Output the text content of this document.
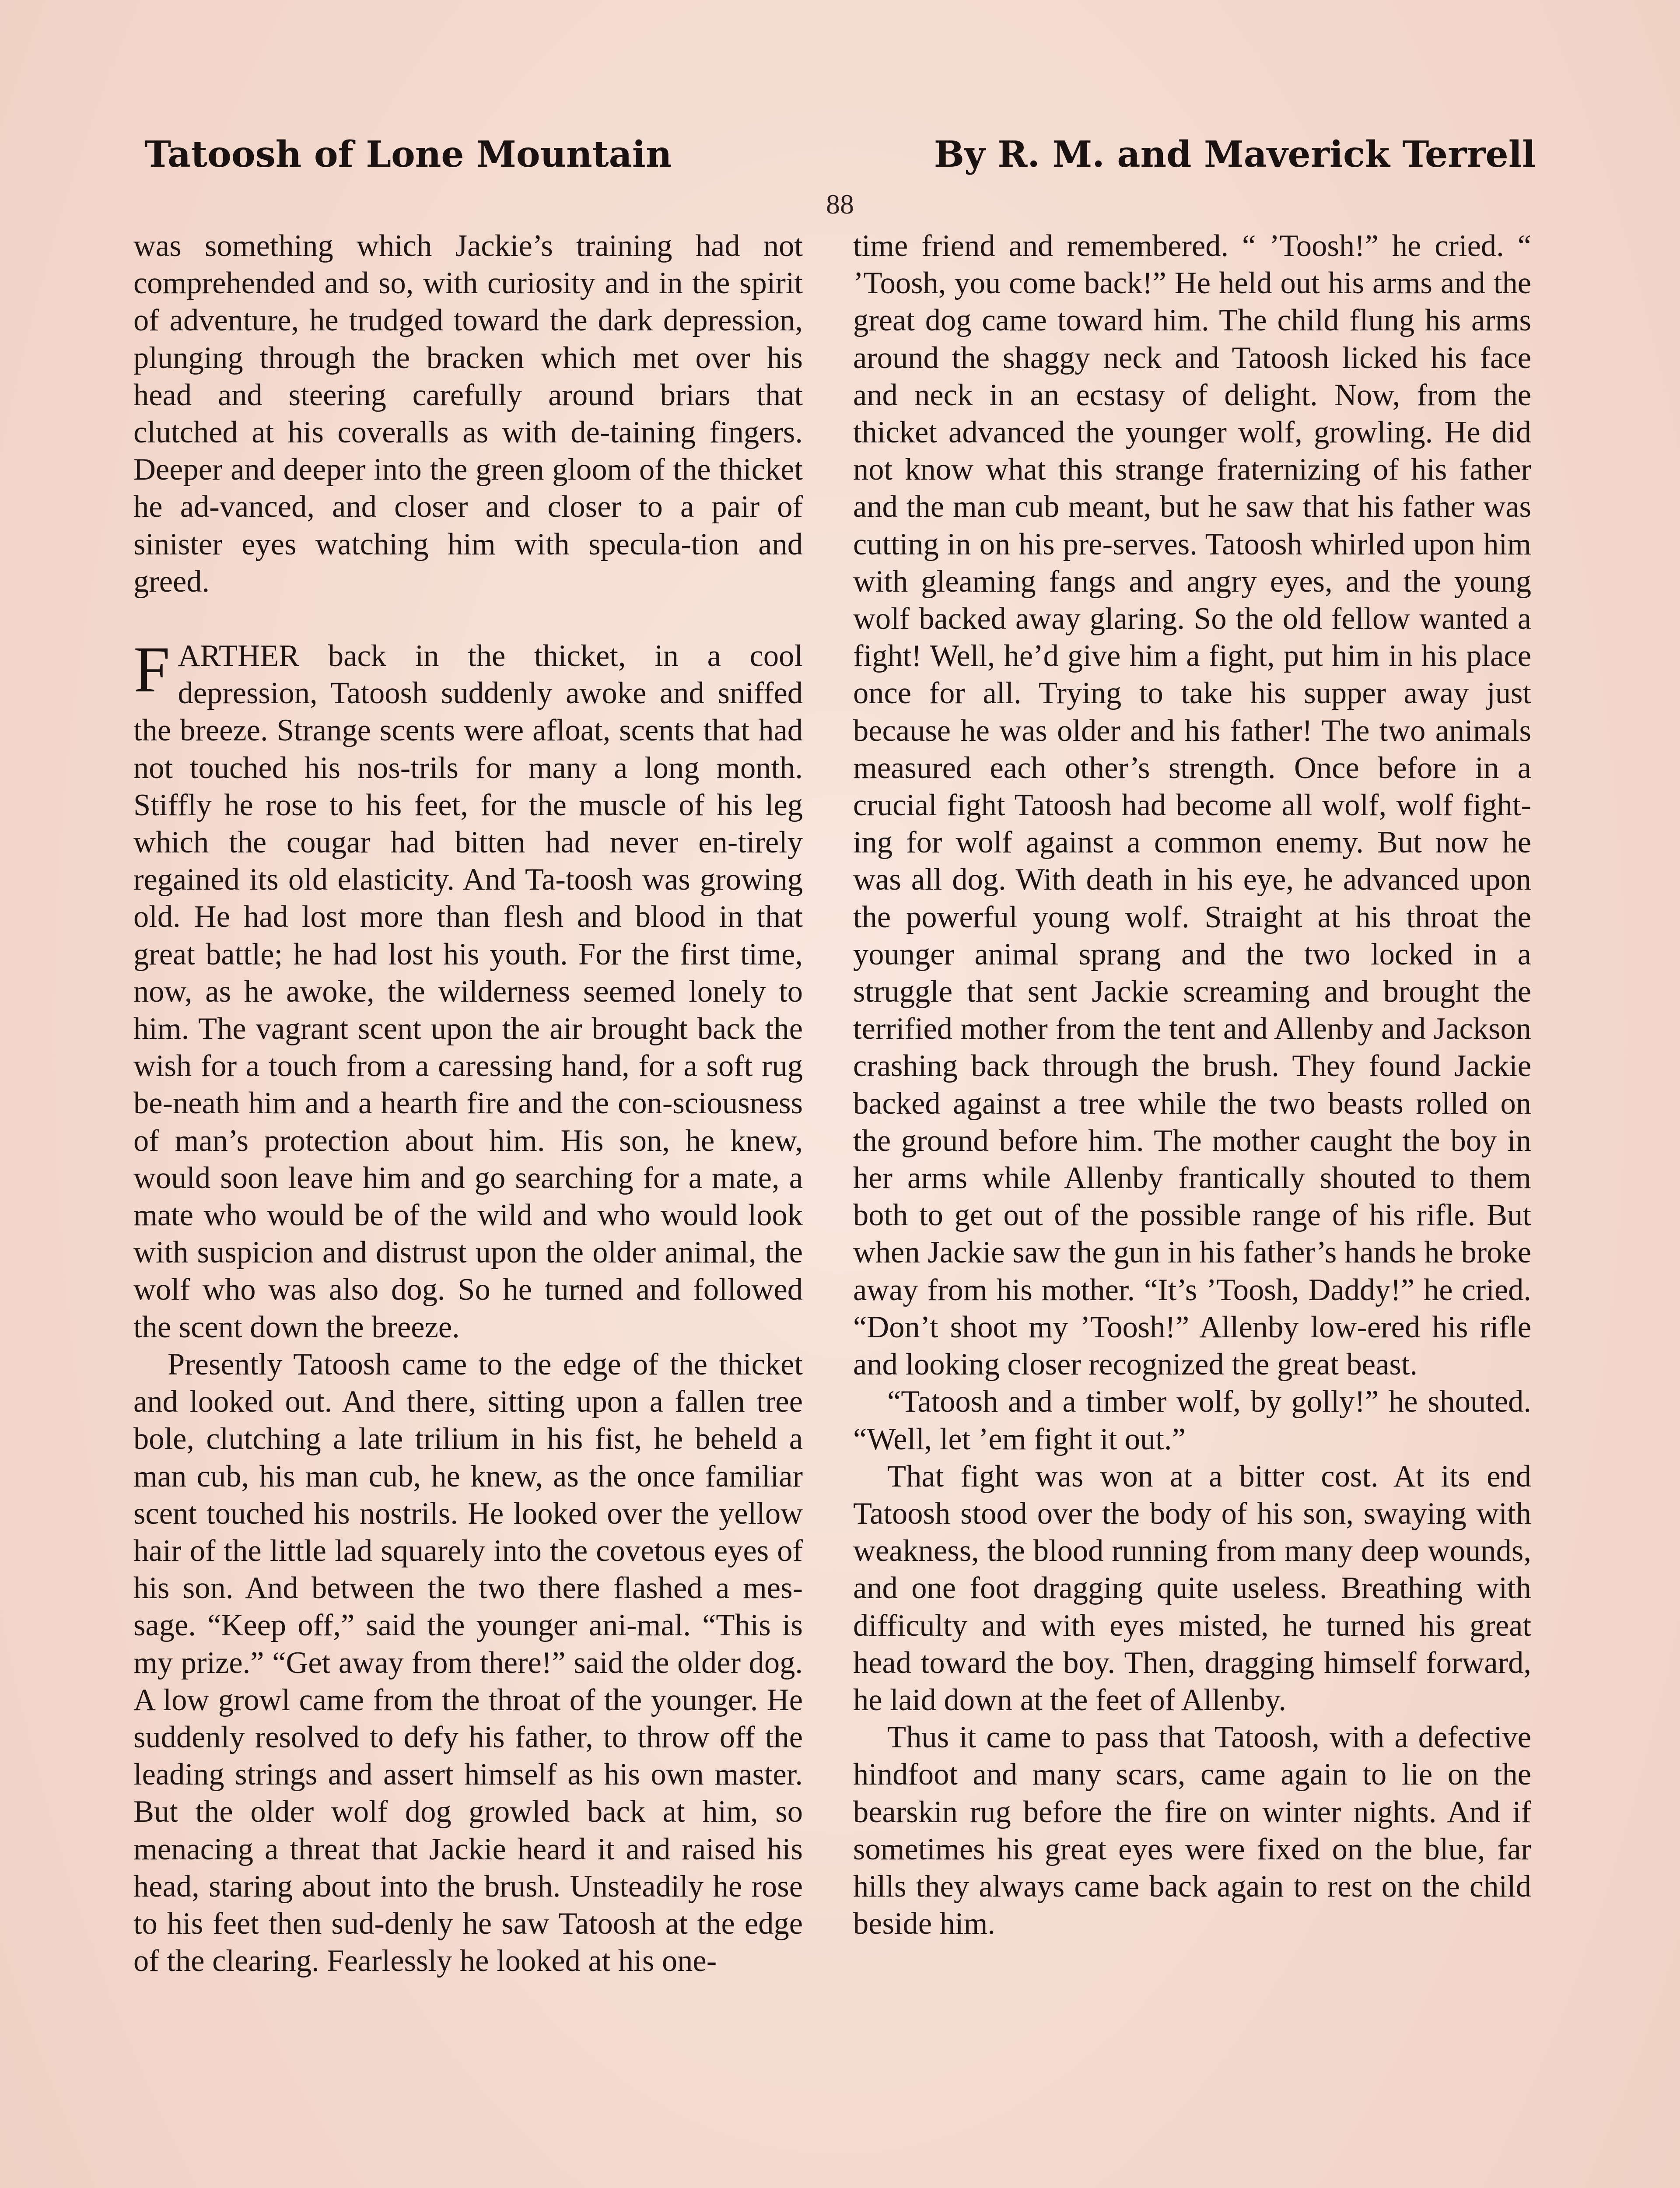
Tatoosh of Lone Mountain	By R. M. and Maverick Terrell
88

was something which Jackie’s training had not comprehended and so, with curiosity and in the spirit of adventure, he trudged toward the dark depression, plunging through the bracken which met over his head and steering carefully around briars that clutched at his coveralls as with de-taining fingers. Deeper and deeper into the green gloom of the thicket he ad-vanced, and closer and closer to a pair of sinister eyes watching him with specula-tion and greed.

FARTHER back in the thicket, in a cool depression, Tatoosh suddenly awoke and sniffed the breeze. Strange scents were afloat, scents that had not touched his nos-trils for many a long month. Stiffly he rose to his feet, for the muscle of his leg which the cougar had bitten had never en-tirely regained its old elasticity. And Ta-toosh was growing old. He had lost more than flesh and blood in that great battle; he had lost his youth. For the first time, now, as he awoke, the wilderness seemed lonely to him. The vagrant scent upon the air brought back the wish for a touch from a caressing hand, for a soft rug be-neath him and a hearth fire and the con-sciousness of man’s protection about him. His son, he knew, would soon leave him and go searching for a mate, a mate who would be of the wild and who would look with suspicion and distrust upon the older animal, the wolf who was also dog. So he turned and followed the scent down the breeze.

Presently Tatoosh came to the edge of the thicket and looked out. And there, sitting upon a fallen tree bole, clutching a late trilium in his fist, he beheld a man cub, his man cub, he knew, as the once familiar scent touched his nostrils. He looked over the yellow hair of the little lad squarely into the covetous eyes of his son. And between the two there flashed a mes-sage. “Keep off,” said the younger ani-mal. “This is my prize.” “Get away from there!” said the older dog. A low growl came from the throat of the younger. He suddenly resolved to defy his father, to throw off the leading strings and assert himself as his own master. But the older wolf dog growled back at him, so menacing a threat that Jackie heard it and raised his head, staring about into the brush. Unsteadily he rose to his feet then sud-denly he saw Tatoosh at the edge of the clearing. Fearlessly he looked at his one-

time friend and remembered. “ ’Toosh!” he cried. “ ’Toosh, you come back!” He held out his arms and the great dog came toward him. The child flung his arms around the shaggy neck and Tatoosh licked his face and neck in an ecstasy of delight. Now, from the thicket advanced the younger wolf, growling. He did not know what this strange fraternizing of his father and the man cub meant, but he saw that his father was cutting in on his pre-serves. Tatoosh whirled upon him with gleaming fangs and angry eyes, and the young wolf backed away glaring. So the old fellow wanted a fight! Well, he’d give him a fight, put him in his place once for all. Trying to take his supper away just because he was older and his father! The two animals measured each other’s strength. Once before in a crucial fight Tatoosh had become all wolf, wolf fight-ing for wolf against a common enemy. But now he was all dog. With death in his eye, he advanced upon the powerful young wolf. Straight at his throat the younger animal sprang and the two locked in a struggle that sent Jackie screaming and brought the terrified mother from the tent and Allenby and Jackson crashing back through the brush. They found Jackie backed against a tree while the two beasts rolled on the ground before him. The mother caught the boy in her arms while Allenby frantically shouted to them both to get out of the possible range of his rifle. But when Jackie saw the gun in his father’s hands he broke away from his mother. “It’s ’Toosh, Daddy!” he cried. “Don’t shoot my ’Toosh!” Allenby low-ered his rifle and looking closer recognized the great beast.

“Tatoosh and a timber wolf, by golly!” he shouted. “Well, let ’em fight it out.”

That fight was won at a bitter cost. At its end Tatoosh stood over the body of his son, swaying with weakness, the blood running from many deep wounds, and one foot dragging quite useless. Breathing with difficulty and with eyes misted, he turned his great head toward the boy. Then, dragging himself forward, he laid down at the feet of Allenby.

Thus it came to pass that Tatoosh, with a defective hindfoot and many scars, came again to lie on the bearskin rug before the fire on winter nights. And if sometimes his great eyes were fixed on the blue, far hills they always came back again to rest on the child beside him.
